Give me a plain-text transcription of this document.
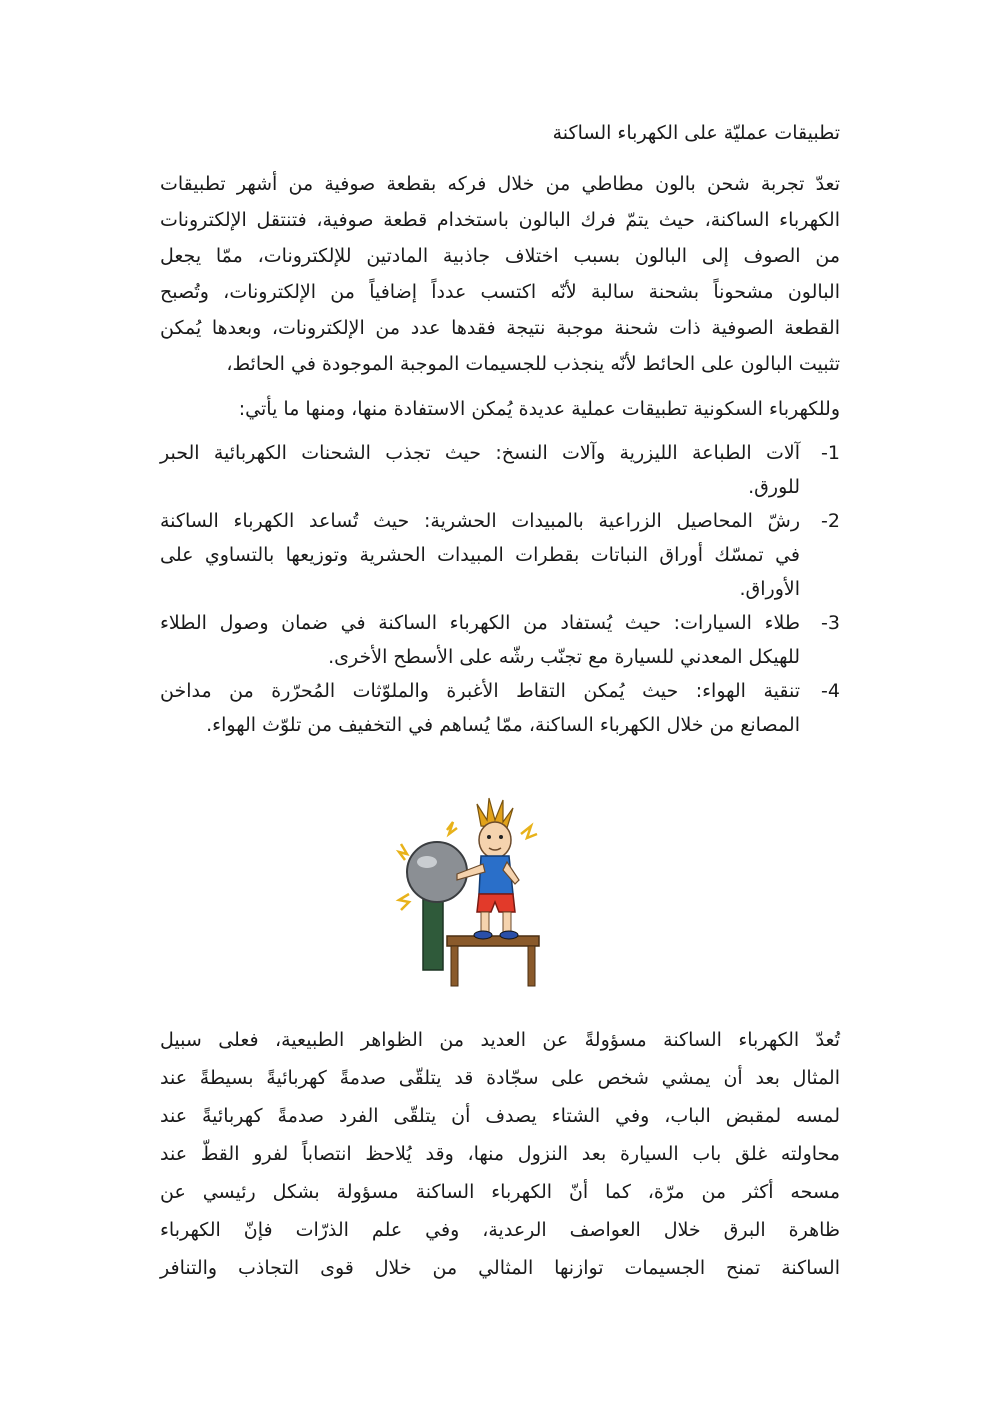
تطبيقات عمليّة على الكهرباء الساكنة

تعدّ تجربة شحن بالون مطاطي من خلال فركه بقطعة صوفية من أشهر تطبيقات
الكهرباء الساكنة، حيث يتمّ فرك البالون باستخدام قطعة صوفية، فتنتقل الإلكترونات
من الصوف إلى البالون بسبب اختلاف جاذبية المادتين للإلكترونات، ممّا يجعل
البالون مشحوناً بشحنة سالبة لأنّه اكتسب عدداً إضافياً من الإلكترونات، وتُصبح
القطعة الصوفية ذات شحنة موجبة نتيجة فقدها عدد من الإلكترونات، وبعدها يُمكن
تثبيت البالون على الحائط لأنّه ينجذب للجسيمات الموجبة الموجودة في الحائط،

وللكهرباء السكونية تطبيقات عملية عديدة يُمكن الاستفادة منها، ومنها ما يأتي:
-1
آلات الطباعة الليزرية وآلات النسخ: حيث تجذب الشحنات الكهربائية الحبر
للورق.
-2
رشّ المحاصيل الزراعية بالمبيدات الحشرية: حيث تُساعد الكهرباء الساكنة
في تمسّك أوراق النباتات بقطرات المبيدات الحشرية وتوزيعها بالتساوي على
الأوراق.
-3
طلاء السيارات: حيث يُستفاد من الكهرباء الساكنة في ضمان وصول الطلاء
للهيكل المعدني للسيارة مع تجنّب رشّه على الأسطح الأخرى.
-4
تنقية الهواء: حيث يُمكن التقاط الأغبرة والملوّثات المُحرّرة من مداخن
المصانع من خلال الكهرباء الساكنة، ممّا يُساهم في التخفيف من تلوّث الهواء.

تُعدّ الكهرباء الساكنة مسؤولةً عن العديد من الظواهر الطبيعية، فعلى سبيل
المثال بعد أن يمشي شخص على سجّادة قد يتلقّى صدمةً كهربائيةً بسيطةً عند
لمسه لمقبض الباب، وفي الشتاء يصدف أن يتلقّى الفرد صدمةً كهربائيةً عند
محاولته غلق باب السيارة بعد النزول منها، وقد يُلاحظ انتصاباً لفرو القطّ عند
مسحه أكثر من مرّة، كما أنّ الكهرباء الساكنة مسؤولة بشكل رئيسي عن
ظاهرة البرق خلال العواصف الرعدية، وفي علم الذرّات فإنّ الكهرباء
الساكنة تمنح الجسيمات توازنها المثالي من خلال قوى التجاذب والتنافر
